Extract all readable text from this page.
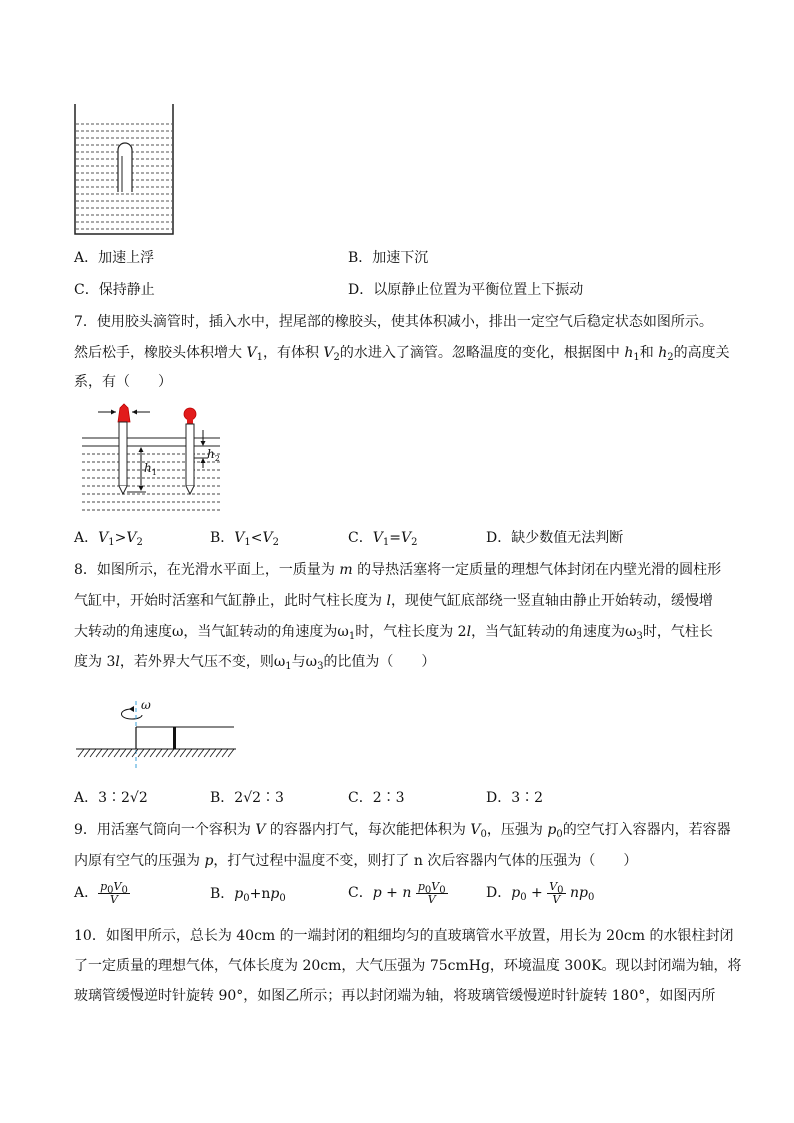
A．加速上浮	B．加速下沉
C．保持静止	D．以原静止位置为平衡位置上下振动
7．使用胶头滴管时，插入水中，捏尾部的橡胶头，使其体积减小，排出一定空气后稳定状态如图所示。
然后松手，橡胶头体积增大 $V_1$，有体积 $V_2$的水进入了滴管。忽略温度的变化，根据图中 $h_1$和 $h_2$的高度关
系，有（　　）
$h_1$
$h_2$
A．$V_1>V_2$	B．$V_1<V_2$	C．$V_1=V_2$	D．缺少数值无法判断
8．如图所示，在光滑水平面上，一质量为 m 的导热活塞将一定质量的理想气体封闭在内壁光滑的圆柱形
气缸中，开始时活塞和气缸静止，此时气柱长度为 l，现使气缸底部绕一竖直轴由静止开始转动，缓慢增
大转动的角速度ω，当气缸转动的角速度为$\omega_1$时，气柱长度为 2l，当气缸转动的角速度为$\omega_3$时，气柱长
度为 3l，若外界大气压不变，则$\omega_1$与$\omega_3$的比值为（　　）
ω
A．3∶2√2	B．2√2∶3	C．2∶3	D．3∶2
9．用活塞气筒向一个容积为 V 的容器内打气，每次能把体积为 $V_0$，压强为 $p_0$的空气打入容器内，若容器
内原有空气的压强为 p，打气过程中温度不变，则打了 n 次后容器内气体的压强为（　　）
A． $\frac{p_0V_0}{V}$	B．$p_0+np_0$	C．p + n $\frac{p_0V_0}{V}$	D．$p_0 + \frac{V_0}{V} np_0$
10．如图甲所示，总长为 40cm 的一端封闭的粗细均匀的直玻璃管水平放置，用长为 20cm 的水银柱封闭
了一定质量的理想气体，气体长度为 20cm，大气压强为 75cmHg，环境温度 300K。现以封闭端为轴，将
玻璃管缓慢逆时针旋转 90°，如图乙所示；再以封闭端为轴，将玻璃管缓慢逆时针旋转 180°，如图丙所
